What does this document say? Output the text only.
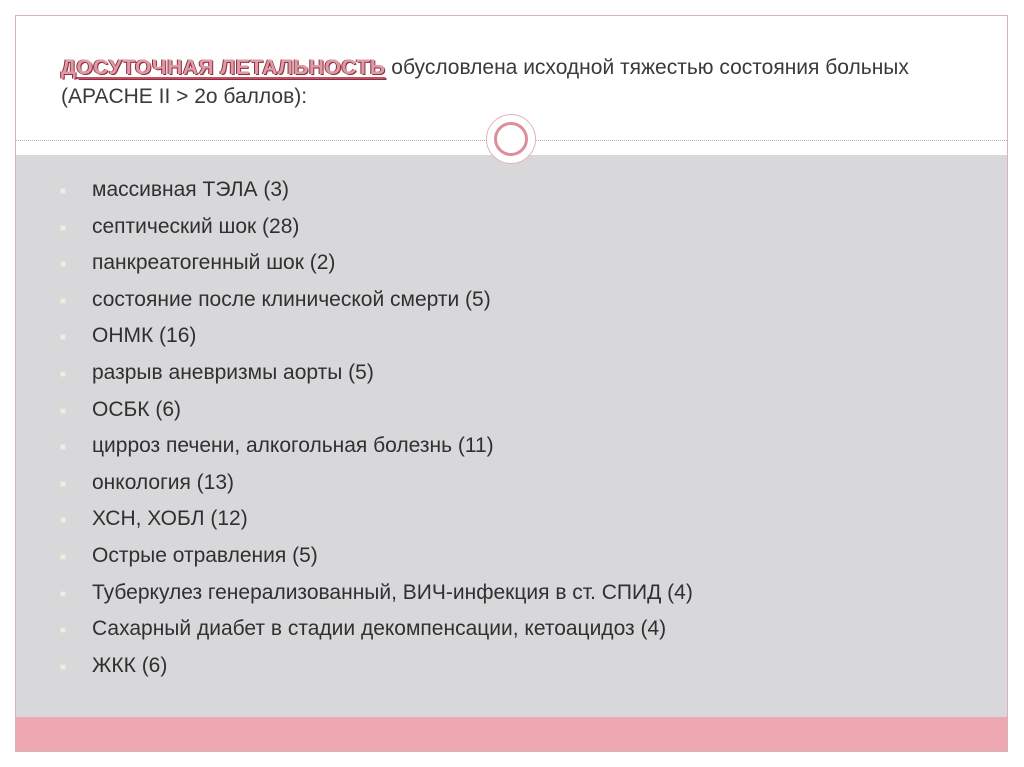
ДОСУТОЧНАЯ ЛЕТАЛЬНОСТЬ обусловлена исходной тяжестью состояния больных (APACHE II > 2о баллов):
массивная ТЭЛА (3)
септический шок (28)
панкреатогенный шок (2)
состояние после клинической смерти (5)
ОНМК (16)
разрыв аневризмы аорты (5)
ОСБК (6)
цирроз печени, алкогольная болезнь (11)
онкология (13)
ХСН, ХОБЛ (12)
Острые отравления (5)
Туберкулез генерализованный, ВИЧ-инфекция в ст. СПИД (4)
Сахарный диабет в стадии декомпенсации, кетоацидоз (4)
ЖКК (6)
